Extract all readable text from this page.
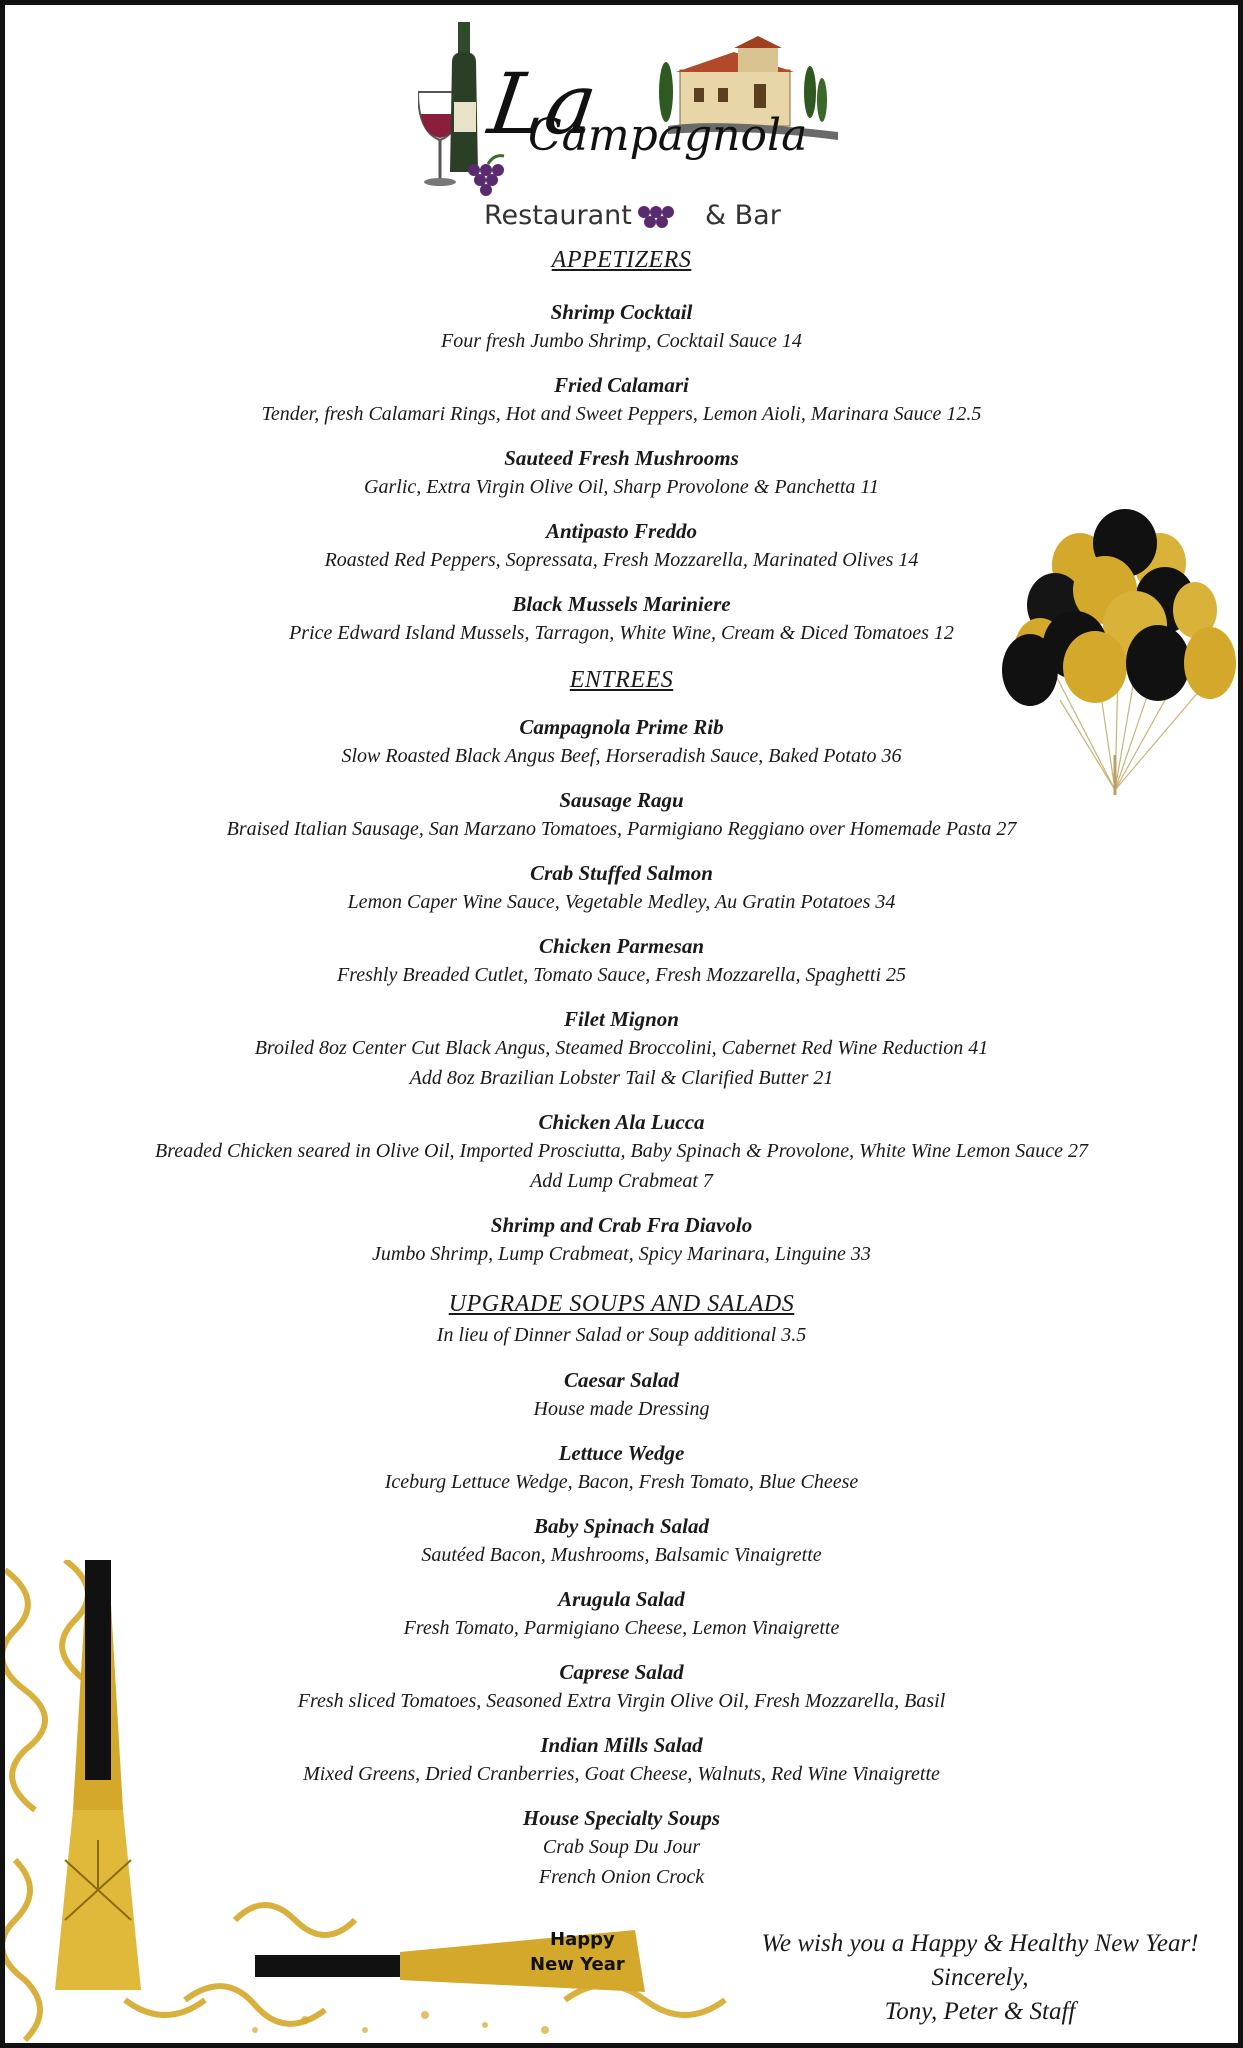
La
Campagnola
Restaurant	& Bar
APPETIZERS
Shrimp Cocktail
Four fresh Jumbo Shrimp, Cocktail Sauce 14
Fried Calamari
Tender, fresh Calamari Rings, Hot and Sweet Peppers, Lemon Aioli, Marinara Sauce 12.5
Sauteed Fresh Mushrooms
Garlic, Extra Virgin Olive Oil, Sharp Provolone & Panchetta 11
Antipasto Freddo
Roasted Red Peppers, Sopressata, Fresh Mozzarella, Marinated Olives 14
Black Mussels Mariniere
Price Edward Island Mussels, Tarragon, White Wine, Cream & Diced Tomatoes 12
ENTREES
Campagnola Prime Rib
Slow Roasted Black Angus Beef, Horseradish Sauce, Baked Potato 36
Sausage Ragu
Braised Italian Sausage, San Marzano Tomatoes, Parmigiano Reggiano over Homemade Pasta 27
Crab Stuffed Salmon
Lemon Caper Wine Sauce, Vegetable Medley, Au Gratin Potatoes 34
Chicken Parmesan
Freshly Breaded Cutlet, Tomato Sauce, Fresh Mozzarella, Spaghetti 25
Filet Mignon
Broiled 8oz Center Cut Black Angus, Steamed Broccolini, Cabernet Red Wine Reduction 41
Add 8oz Brazilian Lobster Tail & Clarified Butter 21
Chicken Ala Lucca
Breaded Chicken seared in Olive Oil, Imported Prosciutta, Baby Spinach & Provolone, White Wine Lemon Sauce 27
Add Lump Crabmeat 7
Shrimp and Crab Fra Diavolo
Jumbo Shrimp, Lump Crabmeat, Spicy Marinara, Linguine 33
UPGRADE SOUPS AND SALADS
In lieu of Dinner Salad or Soup additional 3.5
Caesar Salad
House made Dressing
Lettuce Wedge
Iceburg Lettuce Wedge, Bacon, Fresh Tomato, Blue Cheese
Baby Spinach Salad
Sautéed Bacon, Mushrooms, Balsamic Vinaigrette
Arugula Salad
Fresh Tomato, Parmigiano Cheese, Lemon Vinaigrette
Caprese Salad
Fresh sliced Tomatoes, Seasoned Extra Virgin Olive Oil, Fresh Mozzarella, Basil
Indian Mills Salad
Mixed Greens, Dried Cranberries, Goat Cheese, Walnuts, Red Wine Vinaigrette
House Specialty Soups
Crab Soup Du Jour
French Onion Crock
Happy
New Year
We wish you a Happy & Healthy New Year!
Sincerely,
Tony, Peter & Staff
